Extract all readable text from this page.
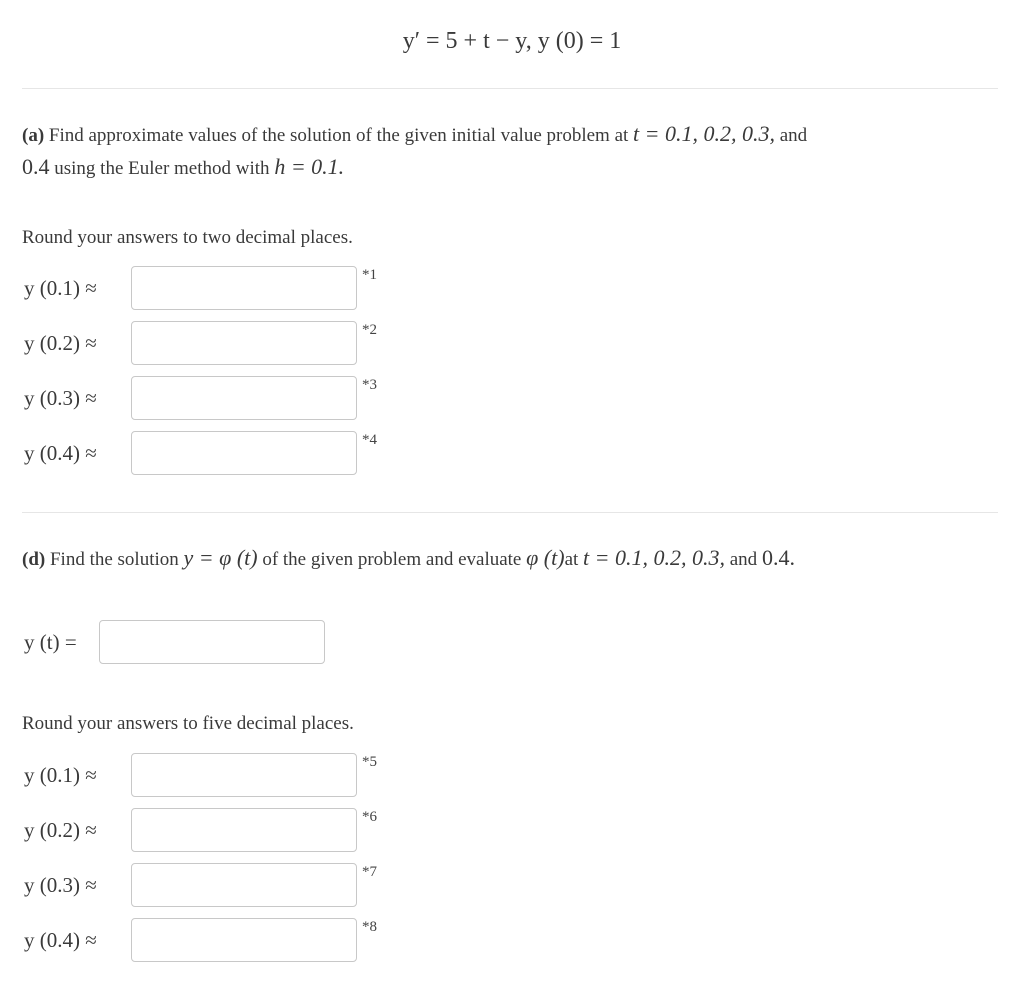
y′ = 5 + t − y, y (0) = 1
(a) Find approximate values of the solution of the given initial value problem at t = 0.1, 0.2, 0.3, and
0.4 using the Euler method with h = 0.1.
Round your answers to two decimal places.
y (0.1) ≈
*1
y (0.2) ≈
*2
y (0.3) ≈
*3
y (0.4) ≈
*4
(d) Find the solution y = φ (t) of the given problem and evaluate φ (t)at t = 0.1, 0.2, 0.3, and 0.4.
y (t) =
Round your answers to five decimal places.
y (0.1) ≈
*5
y (0.2) ≈
*6
y (0.3) ≈
*7
y (0.4) ≈
*8
